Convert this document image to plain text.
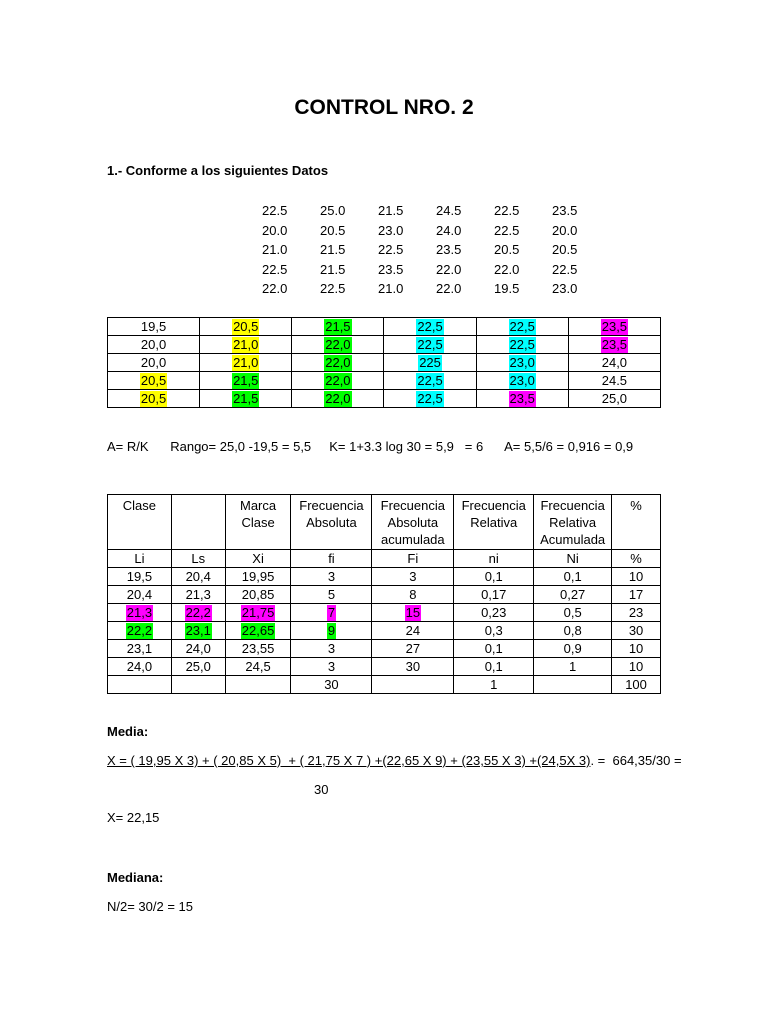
CONTROL NRO. 2
1.- Conforme a los siguientes Datos
22.5	25.0	21.5	24.5	22.5	23.5
20.0	20.5	23.0	24.0	22.5	20.0
21.0	21.5	22.5	23.5	20.5	20.5
22.5	21.5	23.5	22.0	22.0	22.5
22.0	22.5	21.0	22.0	19.5	23.0
19,5	20,5	21,5	22,5	22,5	23,5
20,0	21,0	22,0	22,5	22,5	23,5
20,0	21,0	22,0	225	23,0	24,0
20,5	21,5	22,0	22,5	23,0	24.5
20,5	21,5	22,0	22,5	23,5	25,0
A= R/K      Rango= 25,0 -19,5 = 5,5     K= 1+3.3 log 30 = 5,9   = 6      A= 5,5/6 = 0,916 = 0,9
Clase		Marca Clase	Frecuencia Absoluta	Frecuencia Absoluta acumulada	Frecuencia Relativa	Frecuencia Relativa Acumulada	%
Li	Ls	Xi	fi	Fi	ni	Ni	%
19,5	20,4	19,95	3	3	0,1	0,1	10
20,4	21,3	20,85	5	8	0,17	0,27	17
21,3	22,2	21,75	7	15	0,23	0,5	23
22,2	23,1	22,65	9	24	0,3	0,8	30
23,1	24,0	23,55	3	27	0,1	0,9	10
24,0	25,0	24,5	3	30	0,1	1	10
			30		1		100
Media:
X = ( 19,95 X 3) + ( 20,85 X 5)  + ( 21,75 X 7 ) +(22,65 X 9) + (23,55 X 3) +(24,5X 3). =  664,35/30 =
30
X= 22,15
Mediana:
N/2= 30/2 = 15
